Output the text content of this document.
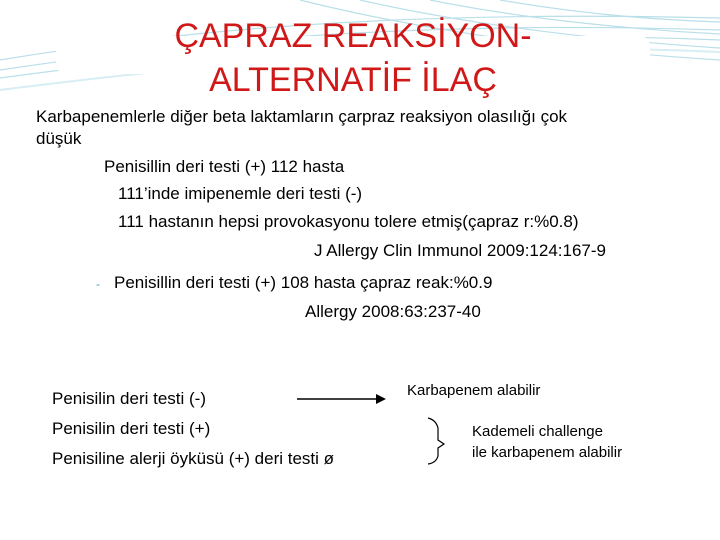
ÇAPRAZ REAKSİYON-
ALTERNATİF İLAÇ
Karbapenemlerle diğer beta laktamların çarpraz reaksiyon olasılığı çok
düşük
Penisillin deri testi (+) 112 hasta
111’inde imipenemle deri testi (-)
111 hastanın hepsi provokasyonu tolere etmiş(çapraz r:%0.8)
J Allergy Clin Immunol 2009:124:167-9
- Penisillin deri testi (+) 108 hasta çapraz reak:%0.9
Allergy 2008:63:237-40
Penisilin deri testi (-)
Penisilin deri testi (+)
Penisiline alerji öyküsü (+) deri testi ø
Karbapenem alabilir
Kademeli challenge
ile karbapenem alabilir
